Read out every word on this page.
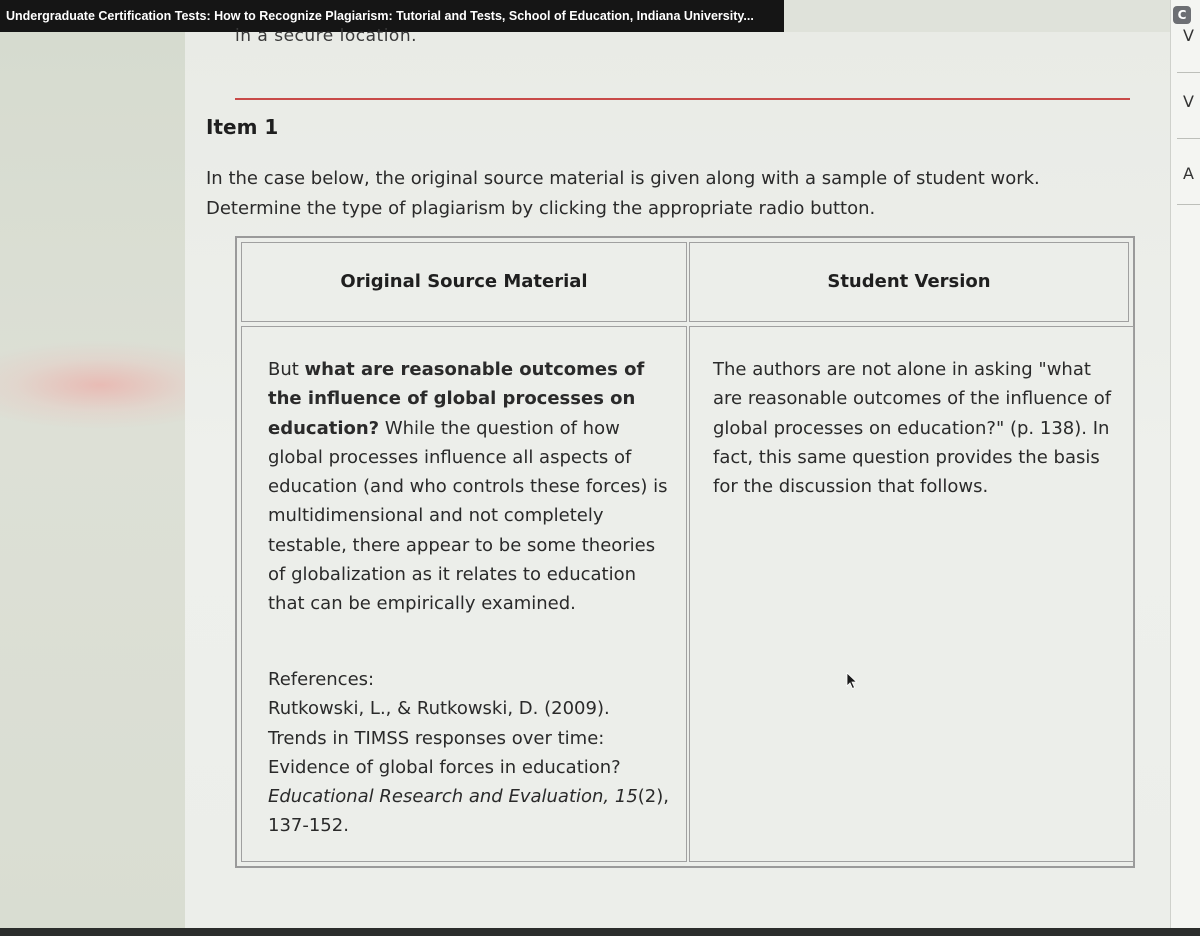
Undergraduate Certification Tests: How to Recognize Plagiarism: Tutorial and Tests, School of Education, Indiana University...
in a secure location.
Item 1

In the case below, the original source material is given along with a sample of student work.
Determine the type of plagiarism by clicking the appropriate radio button.

Original Source Material	Student Version

But what are reasonable outcomes of the influence of global processes on education? While the question of how global processes influence all aspects of education (and who controls these forces) is multidimensional and not completely testable, there appear to be some theories of globalization as it relates to education that can be empirically examined.

References:
Rutkowski, L., & Rutkowski, D. (2009). Trends in TIMSS responses over time: Evidence of global forces in education? Educational Research and Evaluation, 15(2), 137-152.

The authors are not alone in asking "what are reasonable outcomes of the influence of global processes on education?" (p. 138). In fact, this same question provides the basis for the discussion that follows.

C
V
V
A
